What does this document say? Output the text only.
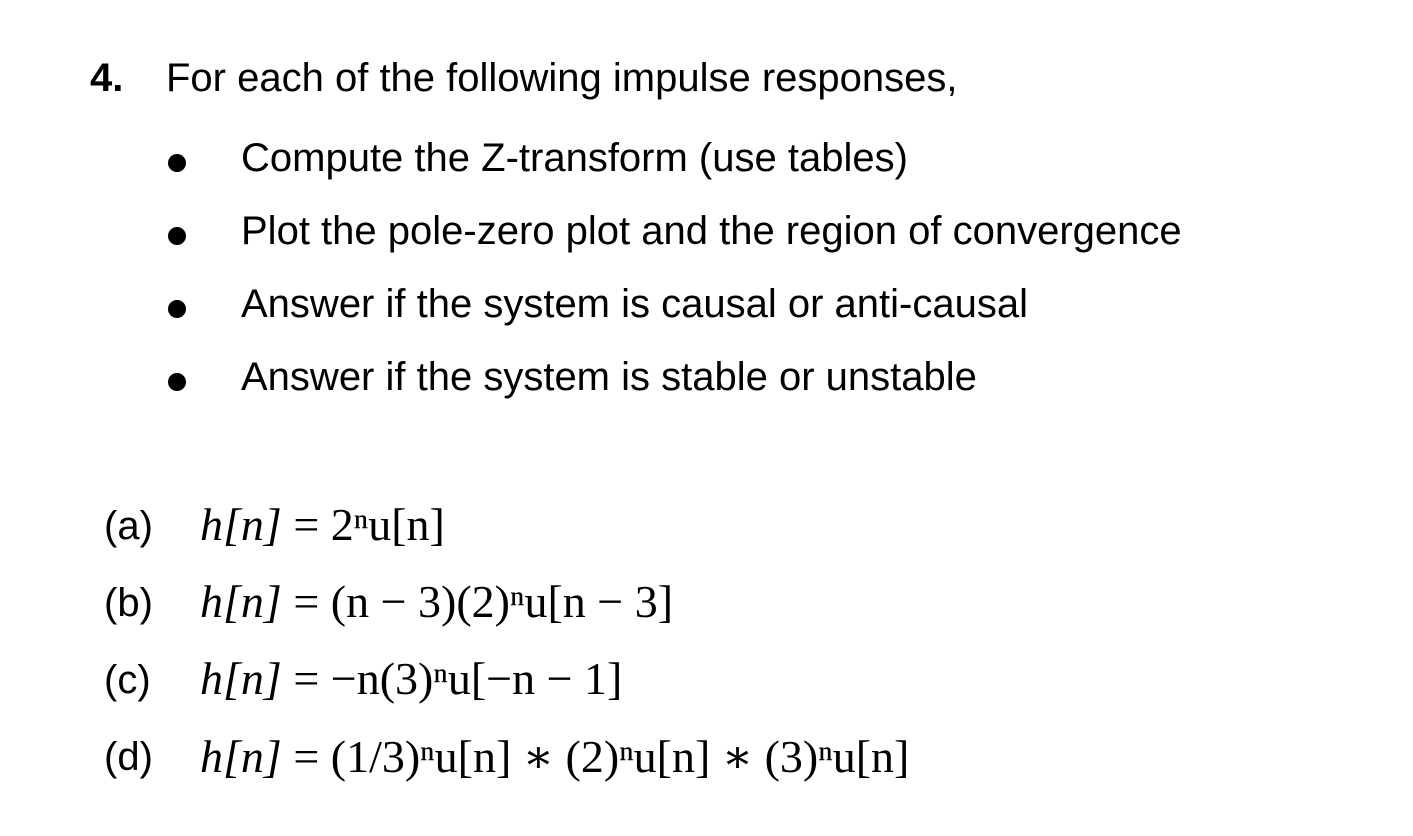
4.	For each of the following impulse responses,
Compute the Z-transform (use tables)
Plot the pole-zero plot and the region of convergence
Answer if the system is causal or anti-causal
Answer if the system is stable or unstable
(a) h[n] = 2ⁿu[n]
(b) h[n] = (n − 3)(2)ⁿu[n − 3]
(c) h[n] = −n(3)ⁿu[−n − 1]
(d) h[n] = (1/3)ⁿu[n] ∗ (2)ⁿu[n] ∗ (3)ⁿu[n]
